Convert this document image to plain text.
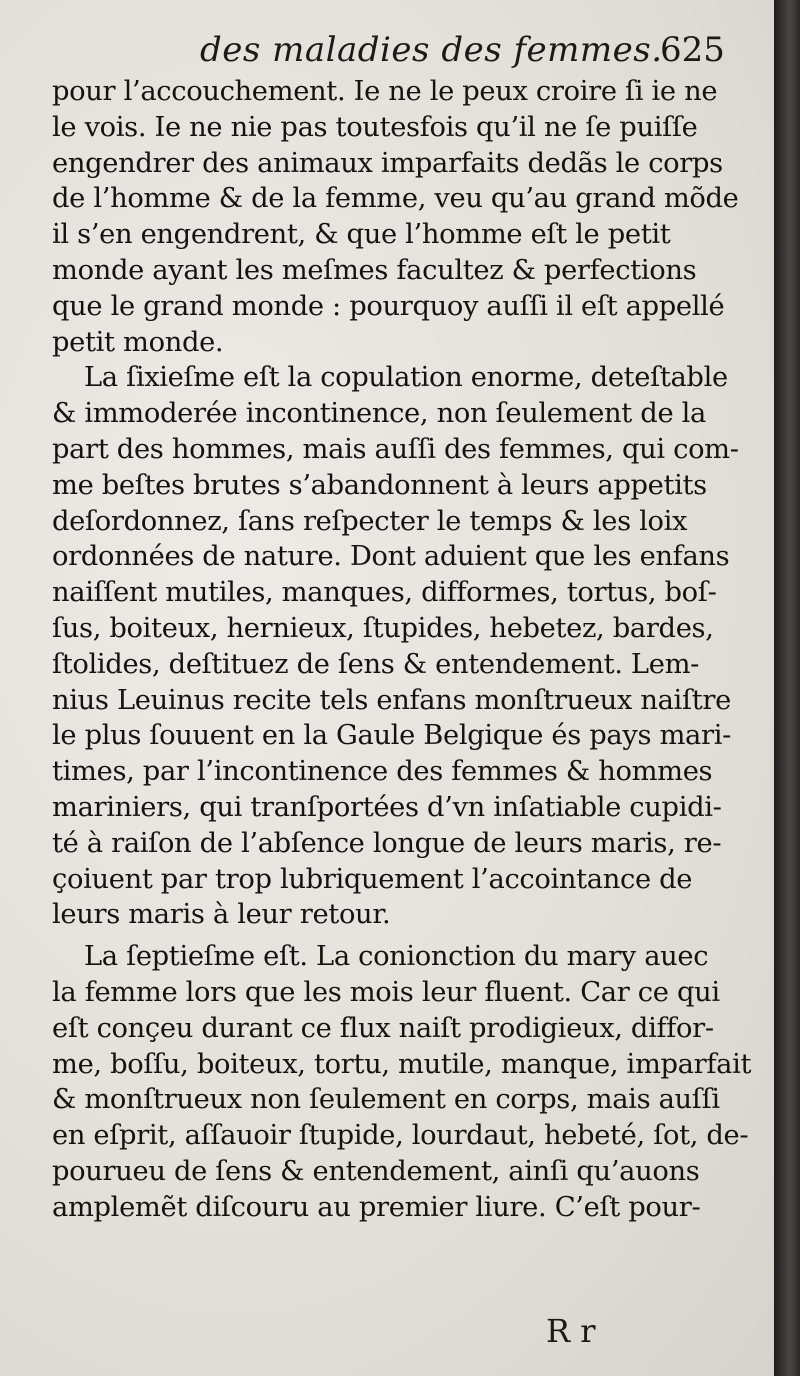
des maladies des femmes.
625
pour l’accouchement. Ie ne le peux croire ſi ie ne
le vois. Ie ne nie pas toutesfois qu’il ne ſe puiſſe
engendrer des animaux imparfaits dedãs le corps
de l’homme & de la femme, veu qu’au grand mõde
il s’en engendrent, & que l’homme eſt le petit
monde ayant les meſmes facultez & perfections
que le grand monde : pourquoy auſſi il eſt appellé
petit monde.
La ſixieſme eſt la copulation enorme, deteſtable
& immoderée incontinence, non ſeulement de la
part des hommes, mais auſſi des femmes, qui com-
me beſtes brutes s’abandonnent à leurs appetits
deſordonnez, ſans reſpecter le temps & les loix
ordonnées de nature. Dont aduient que les enfans
naiſſent mutiles, manques, difformes, tortus, boſ-
ſus, boiteux, hernieux, ſtupides, hebetez, bardes,
ſtolides, deſtituez de ſens & entendement. Lem-
nius Leuinus recite tels enfans monſtrueux naiſtre
le plus ſouuent en la Gaule Belgique és pays mari-
times, par l’incontinence des femmes & hommes
mariniers, qui tranſportées d’vn inſatiable cupidi-
té à raiſon de l’abſence longue de leurs maris, re-
çoiuent par trop lubriquement l’accointance de
leurs maris à leur retour.
La ſeptieſme eſt. La conionction du mary auec
la femme lors que les mois leur fluent. Car ce qui
eſt conçeu durant ce flux naiſt prodigieux, diffor-
me, boſſu, boiteux, tortu, mutile, manque, imparfait
& monſtrueux non ſeulement en corps, mais auſſi
en eſprit, aſſauoir ſtupide, lourdaut, hebeté, ſot, de-
pourueu de ſens & entendement, ainſi qu’auons
amplemẽt diſcouru au premier liure. C’eſt pour-
R r
